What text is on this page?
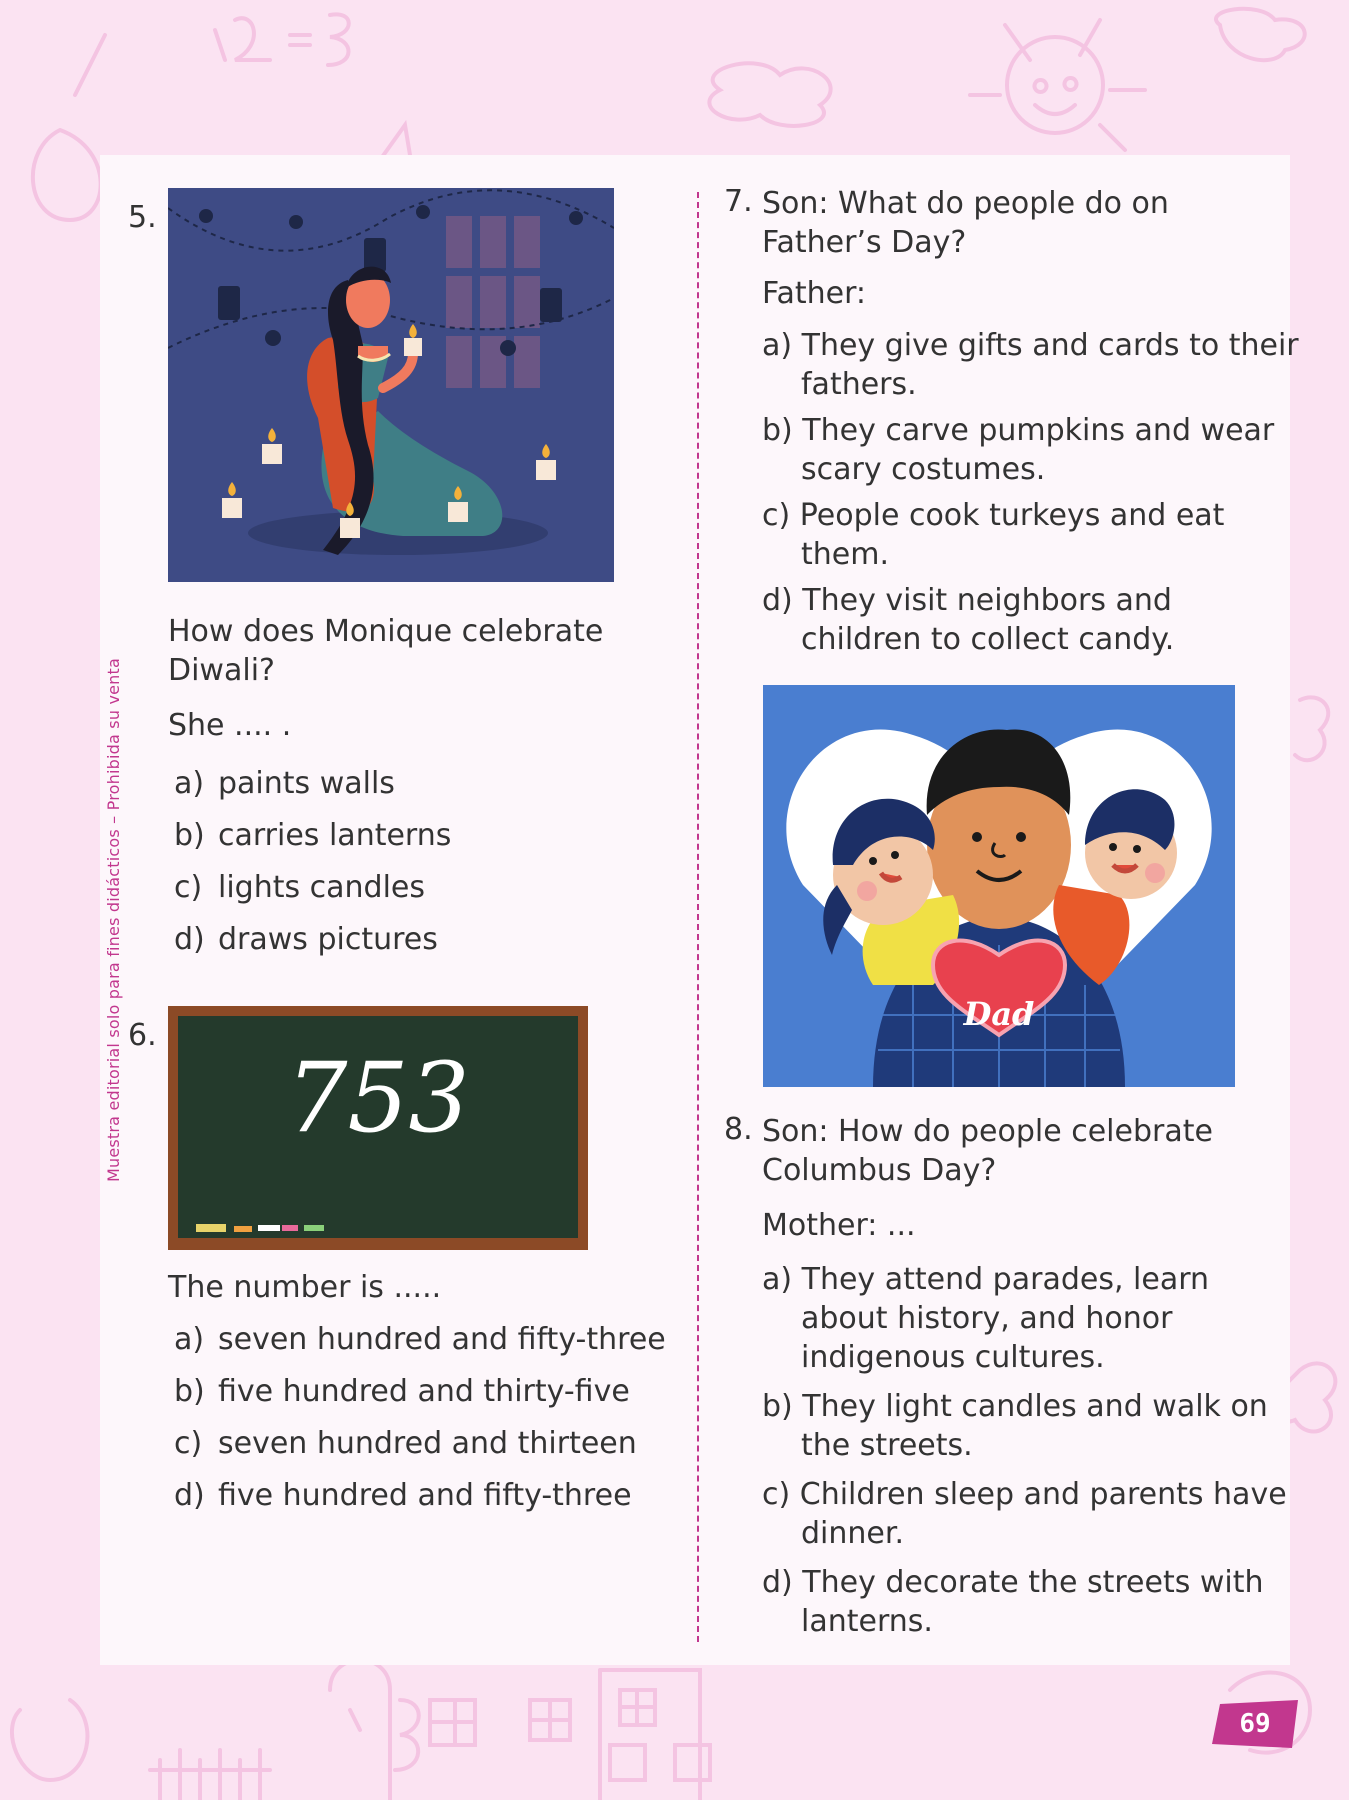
Muestra editorial solo para fines didácticos – Prohibida su venta
5.
How does Monique celebrate Diwali?
She .... .
a) paints walls
b) carries lanterns
c) lights candles
d) draws pictures
6.
753
The number is .....
a) seven hundred and fifty-three
b) five hundred and thirty-five
c) seven hundred and thirteen
d) five hundred and fifty-three
7. Son: What do people do on Father’s Day?
Father:
a) They give gifts and cards to their fathers.
b) They carve pumpkins and wear scary costumes.
c) People cook turkeys and eat them.
d) They visit neighbors and children to collect candy.
Dad
8. Son: How do people celebrate Columbus Day?
Mother: ...
a) They attend parades, learn about history, and honor indigenous cultures.
b) They light candles and walk on the streets.
c) Children sleep and parents have dinner.
d) They decorate the streets with lanterns.
69
